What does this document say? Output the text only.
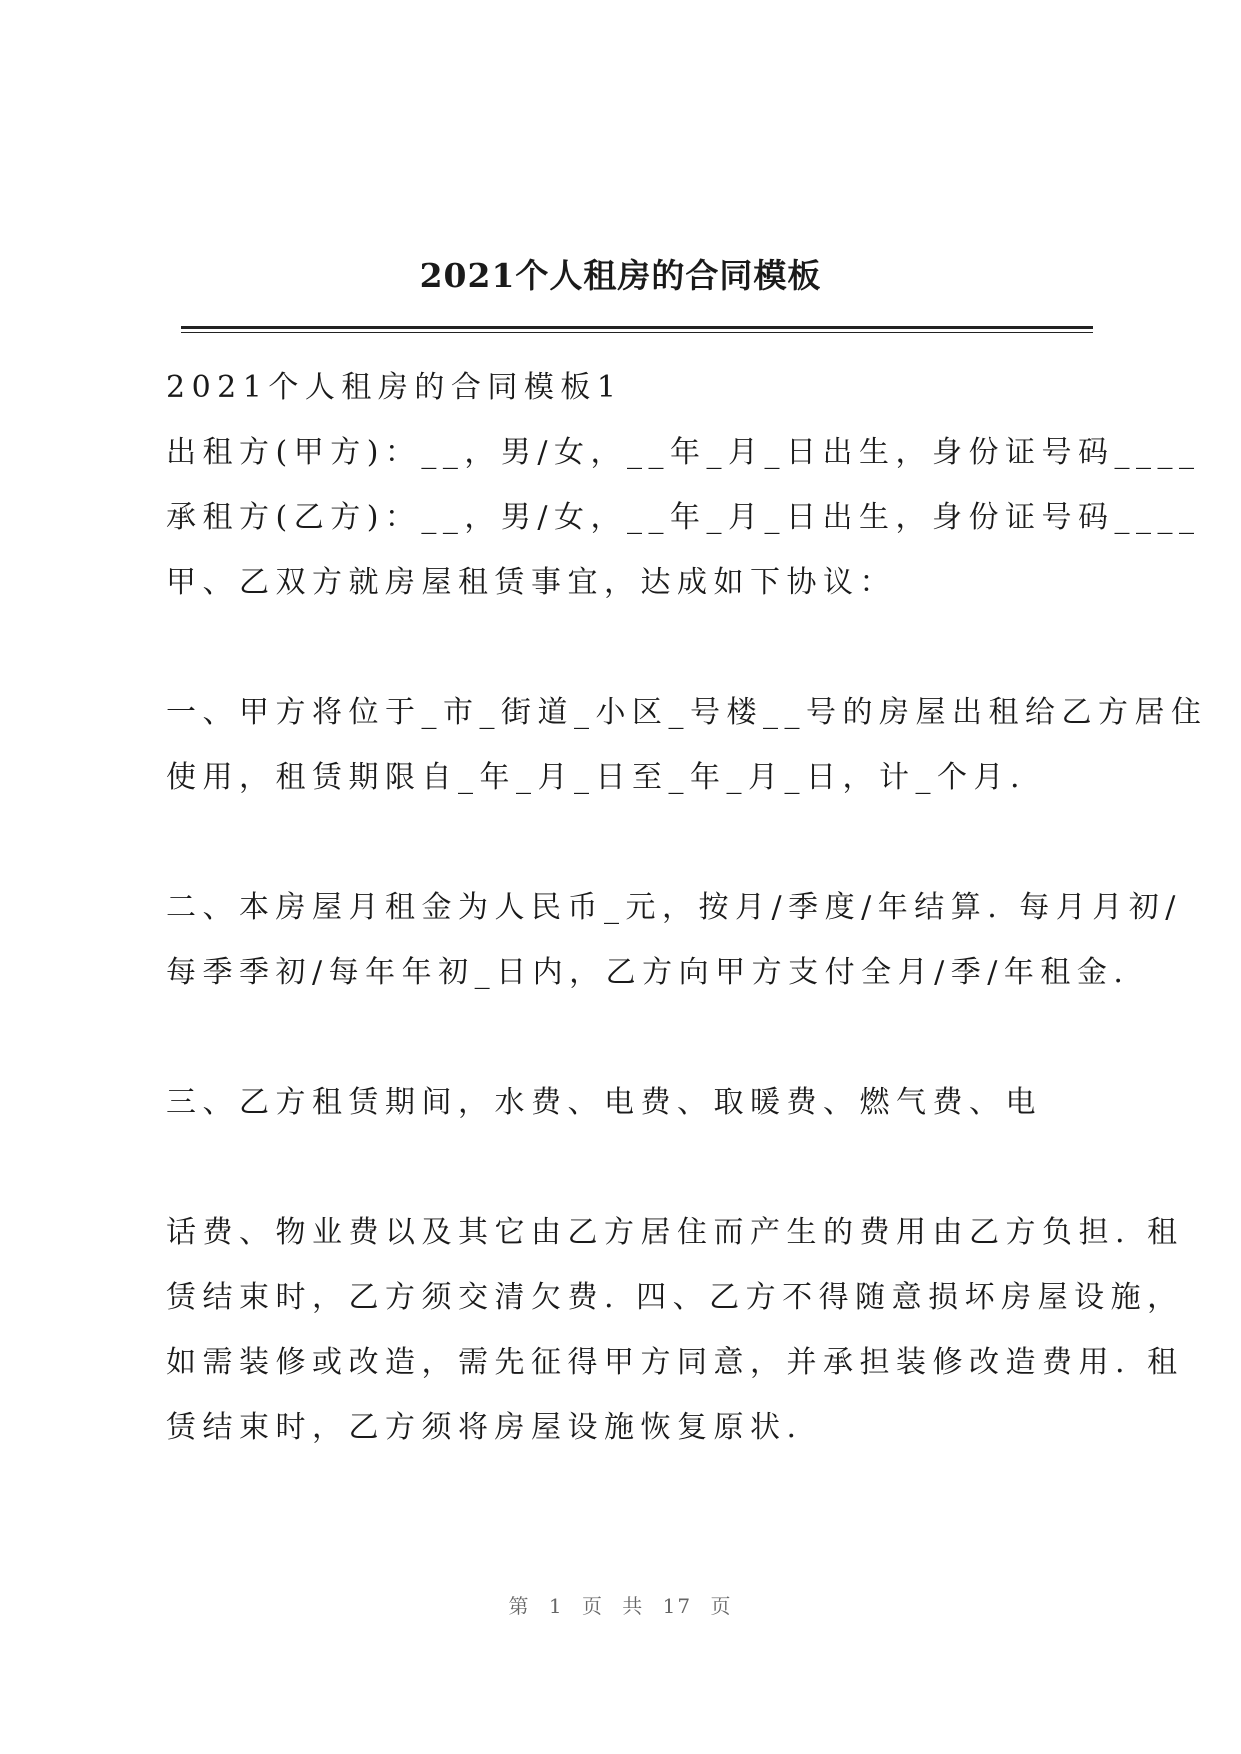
2021个人租房的合同模板
2021个人租房的合同模板1
出租方(甲方)：__，男/女，__年_月_日出生，身份证号码____
承租方(乙方)：__，男/女，__年_月_日出生，身份证号码____
甲、乙双方就房屋租赁事宜，达成如下协议：
一、甲方将位于_市_街道_小区_号楼__号的房屋出租给乙方居住
使用，租赁期限自_年_月_日至_年_月_日，计_个月.
二、本房屋月租金为人民币_元，按月/季度/年结算. 每月月初/
每季季初/每年年初_日内，乙方向甲方支付全月/季/年租金.
三、乙方租赁期间，水费、电费、取暖费、燃气费、电
话费、物业费以及其它由乙方居住而产生的费用由乙方负担. 租
赁结束时，乙方须交清欠费. 四、乙方不得随意损坏房屋设施，
如需装修或改造，需先征得甲方同意，并承担装修改造费用. 租
赁结束时，乙方须将房屋设施恢复原状.
第 1 页 共 17 页
